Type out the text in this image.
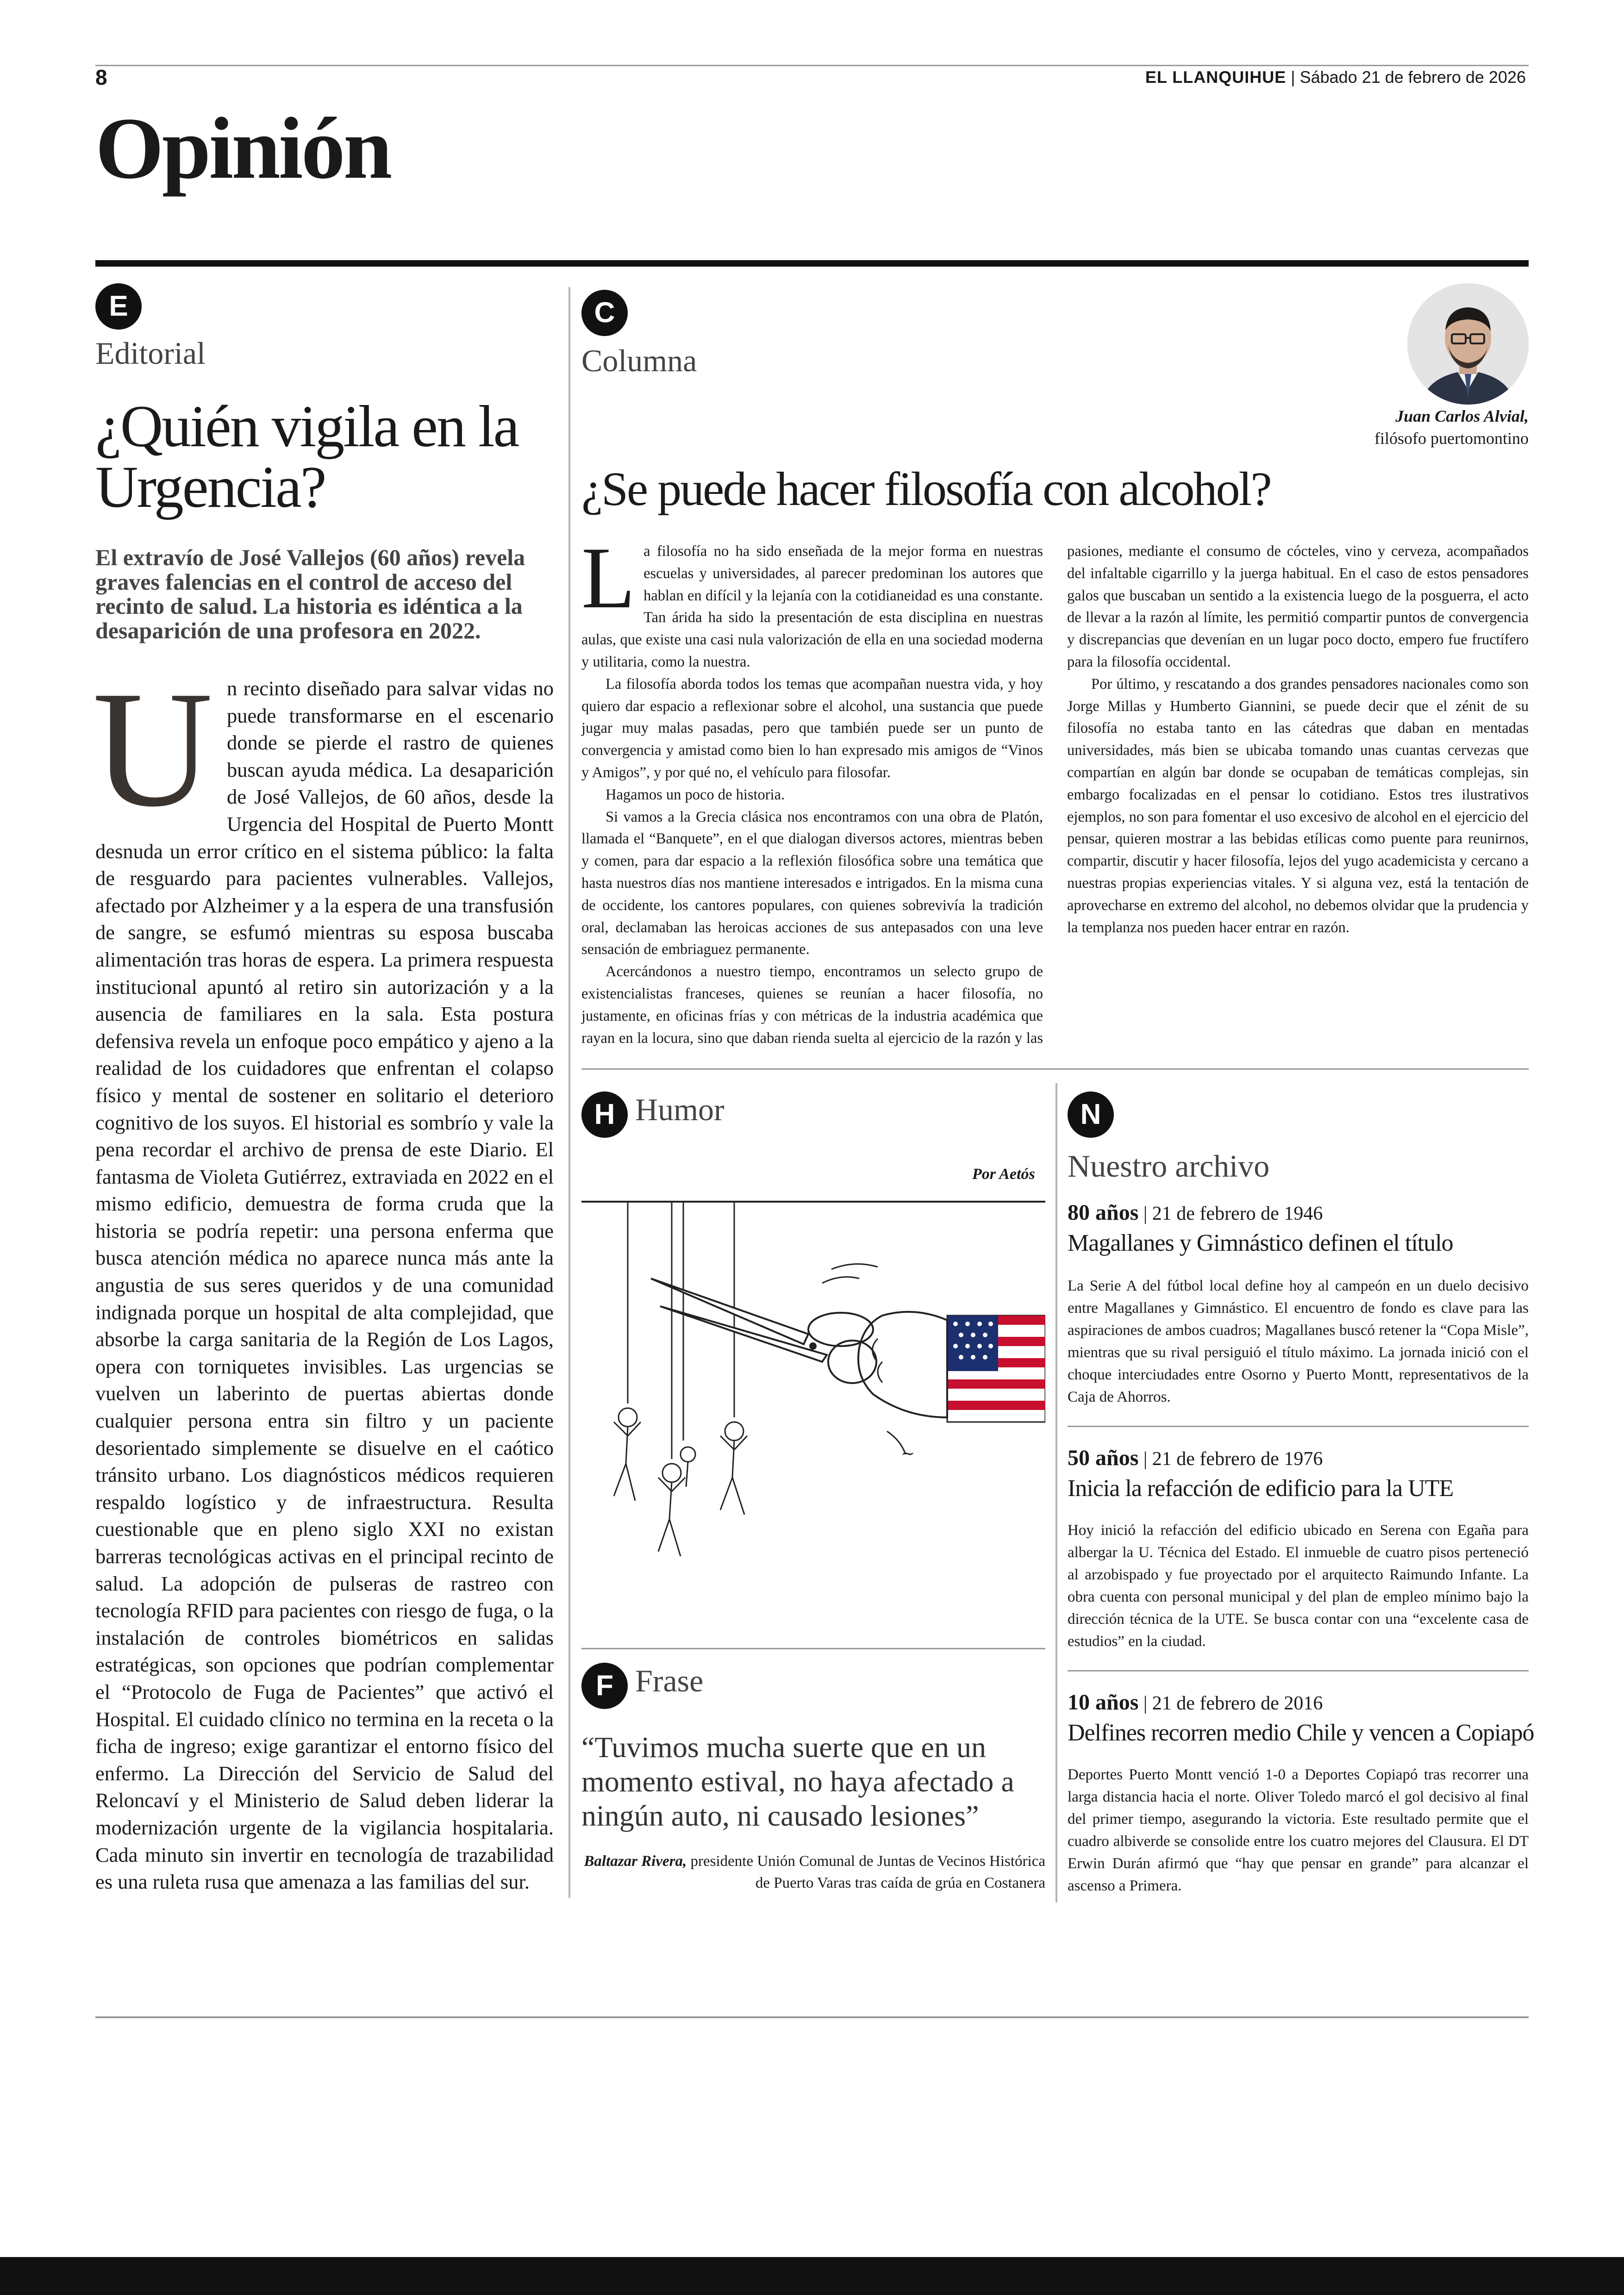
8	EL LLANQUIHUE | Sábado 21 de febrero de 2026
Opinión
E
Editorial
¿Quién vigila en la Urgencia?
El extravío de José Vallejos (60 años) revela graves falencias en el control de acceso del recinto de salud. La historia es idéntica a la desaparición de una profesora en 2022.
Un recinto diseñado para salvar vidas no puede transformarse en el escenario donde se pierde el rastro de quienes buscan ayuda médica. La desaparición de José Vallejos, de 60 años, desde la Urgencia del Hospital de Puerto Montt desnuda un error crítico en el sistema público: la falta de resguardo para pacientes vulnerables. Vallejos, afectado por Alzheimer y a la espera de una transfusión de sangre, se esfumó mientras su esposa buscaba alimentación tras horas de espera. La primera respuesta institucional apuntó al retiro sin autorización y a la ausencia de familiares en la sala. Esta postura defensiva revela un enfoque poco empático y ajeno a la realidad de los cuidadores que enfrentan el colapso físico y mental de sostener en solitario el deterioro cognitivo de los suyos. El historial es sombrío y vale la pena recordar el archivo de prensa de este Diario. El fantasma de Violeta Gutiérrez, extraviada en 2022 en el mismo edificio, demuestra de forma cruda que la historia se podría repetir: una persona enferma que busca atención médica no aparece nunca más ante la angustia de sus seres queridos y de una comunidad indignada porque un hospital de alta complejidad, que absorbe la carga sanitaria de la Región de Los Lagos, opera con torniquetes invisibles. Las urgencias se vuelven un laberinto de puertas abiertas donde cualquier persona entra sin filtro y un paciente desorientado simplemente se disuelve en el caótico tránsito urbano. Los diagnósticos médicos requieren respaldo logístico y de infraestructura. Resulta cuestionable que en pleno siglo XXI no existan barreras tecnológicas activas en el principal recinto de salud. La adopción de pulseras de rastreo con tecnología RFID para pacientes con riesgo de fuga, o la instalación de controles biométricos en salidas estratégicas, son opciones que podrían complementar el “Protocolo de Fuga de Pacientes” que activó el Hospital. El cuidado clínico no termina en la receta o la ficha de ingreso; exige garantizar el entorno físico del enfermo. La Dirección del Servicio de Salud del Reloncaví y el Ministerio de Salud deben liderar la modernización urgente de la vigilancia hospitalaria. Cada minuto sin invertir en tecnología de trazabilidad es una ruleta rusa que amenaza a las familias del sur.
C
Columna
Juan Carlos Alvial,
filósofo puertomontino
¿Se puede hacer filosofía con alcohol?

La filosofía no ha sido enseñada de la mejor forma en nuestras escuelas y universidades, al parecer predominan los autores que hablan en difícil y la lejanía con la cotidianeidad es una constante. Tan árida ha sido la presentación de esta disciplina en nuestras aulas, que existe una casi nula valorización de ella en una sociedad moderna y utilitaria, como la nuestra.

La filosofía aborda todos los temas que acompañan nuestra vida, y hoy quiero dar espacio a reflexionar sobre el alcohol, una sustancia que puede jugar muy malas pasadas, pero que también puede ser un punto de convergencia y amistad como bien lo han expresado mis amigos de “Vinos y Amigos”, y por qué no, el vehículo para filosofar.

Hagamos un poco de historia.

Si vamos a la Grecia clásica nos encontramos con una obra de Platón, llamada el “Banquete”, en el que dialogan diversos actores, mientras beben y comen, para dar espacio a la reflexión filosófica sobre una temática que hasta nuestros días nos mantiene interesados e intrigados. En la misma cuna de occidente, los cantores populares, con quienes sobrevivía la tradición oral, declamaban las heroicas acciones de sus antepasados con una leve sensación de embriaguez permanente.

Acercándonos a nuestro tiempo, encontramos un selecto grupo de existencialistas franceses, quienes se reunían a hacer filosofía, no justamente, en oficinas frías y con métricas de la industria académica que rayan en la locura, sino que daban rienda suelta al ejercicio de la razón y las pasiones, mediante el consumo de cócteles, vino y cerveza, acompañados del infaltable cigarrillo y la juerga habitual. En el caso de estos pensadores galos que buscaban un sentido a la existencia luego de la posguerra, el acto de llevar a la razón al límite, les permitió compartir puntos de convergencia y discrepancias que devenían en un lugar poco docto, empero fue fructífero para la filosofía occidental.

Por último, y rescatando a dos grandes pensadores nacionales como son Jorge Millas y Humberto Giannini, se puede decir que el zénit de su filosofía no estaba tanto en las cátedras que daban en mentadas universidades, más bien se ubicaba tomando unas cuantas cervezas que compartían en algún bar donde se ocupaban de temáticas complejas, sin embargo focalizadas en el pensar lo cotidiano. Estos tres ilustrativos ejemplos, no son para fomentar el uso excesivo de alcohol en el ejercicio del pensar, quieren mostrar a las bebidas etílicas como puente para reunirnos, compartir, discutir y hacer filosofía, lejos del yugo academicista y cercano a nuestras propias experiencias vitales. Y si alguna vez, está la tentación de aprovecharse en extremo del alcohol, no debemos olvidar que la prudencia y la templanza nos pueden hacer entrar en razón.

H Humor
Por Aetós
~
F Frase
“Tuvimos mucha suerte que en un momento estival, no haya afectado a ningún auto, ni causado lesiones”
Baltazar Rivera, presidente Unión Comunal de Juntas de Vecinos Histórica de Puerto Varas tras caída de grúa en Costanera
N
Nuestro archivo
80 años | 21 de febrero de 1946
Magallanes y Gimnástico definen el título
La Serie A del fútbol local define hoy al campeón en un duelo decisivo entre Magallanes y Gimnástico. El encuentro de fondo es clave para las aspiraciones de ambos cuadros; Magallanes buscó retener la “Copa Misle”, mientras que su rival persiguió el título máximo. La jornada inició con el choque interciudades entre Osorno y Puerto Montt, representativos de la Caja de Ahorros.
50 años | 21 de febrero de 1976
Inicia la refacción de edificio para la UTE
Hoy inició la refacción del edificio ubicado en Serena con Egaña para albergar la U. Técnica del Estado. El inmueble de cuatro pisos perteneció al arzobispado y fue proyectado por el arquitecto Raimundo Infante. La obra cuenta con personal municipal y del plan de empleo mínimo bajo la dirección técnica de la UTE. Se busca contar con una “excelente casa de estudios” en la ciudad.
10 años | 21 de febrero de 2016
Delfines recorren medio Chile y vencen a Copiapó
Deportes Puerto Montt venció 1-0 a Deportes Copiapó tras recorrer una larga distancia hacia el norte. Oliver Toledo marcó el gol decisivo al final del primer tiempo, asegurando la victoria. Este resultado permite que el cuadro albiverde se consolide entre los cuatro mejores del Clausura. El DT Erwin Durán afirmó que “hay que pensar en grande” para alcanzar el ascenso a Primera.
